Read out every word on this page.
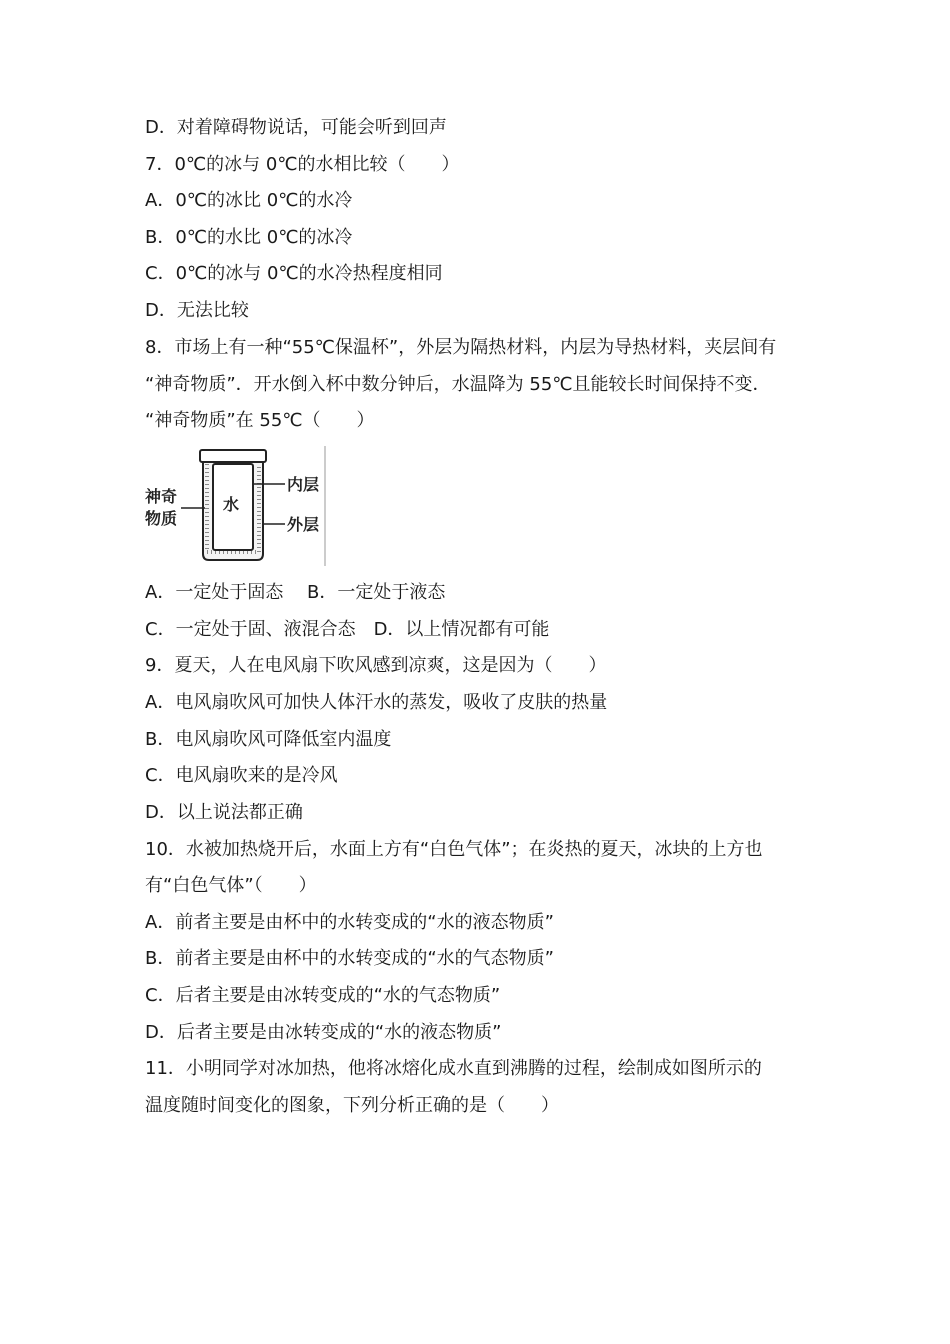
D．对着障碍物说话，可能会听到回声
7．0℃的冰与 0℃的水相比较（　　）
A．0℃的冰比 0℃的水冷
B．0℃的水比 0℃的冰冷
C．0℃的冰与 0℃的水冷热程度相同
D．无法比较
8．市场上有一种“55℃保温杯”，外层为隔热材料，内层为导热材料，夹层间有
“神奇物质”．开水倒入杯中数分钟后，水温降为 55℃且能较长时间保持不变．
“神奇物质”在 55℃（　　）
神奇
物质
水
内层
外层
A．一定处于固态　 B．一定处于液态
C．一定处于固、液混合态　D．以上情况都有可能
9．夏天，人在电风扇下吹风感到凉爽，这是因为（　　）
A．电风扇吹风可加快人体汗水的蒸发，吸收了皮肤的热量
B．电风扇吹风可降低室内温度
C．电风扇吹来的是冷风
D．以上说法都正确
10．水被加热烧开后，水面上方有“白色气体”；在炎热的夏天，冰块的上方也
有“白色气体”（　　）
A．前者主要是由杯中的水转变成的“水的液态物质”
B．前者主要是由杯中的水转变成的“水的气态物质”
C．后者主要是由冰转变成的“水的气态物质”
D．后者主要是由冰转变成的“水的液态物质”
11．小明同学对冰加热，他将冰熔化成水直到沸腾的过程，绘制成如图所示的
温度随时间变化的图象，下列分析正确的是（　　）
